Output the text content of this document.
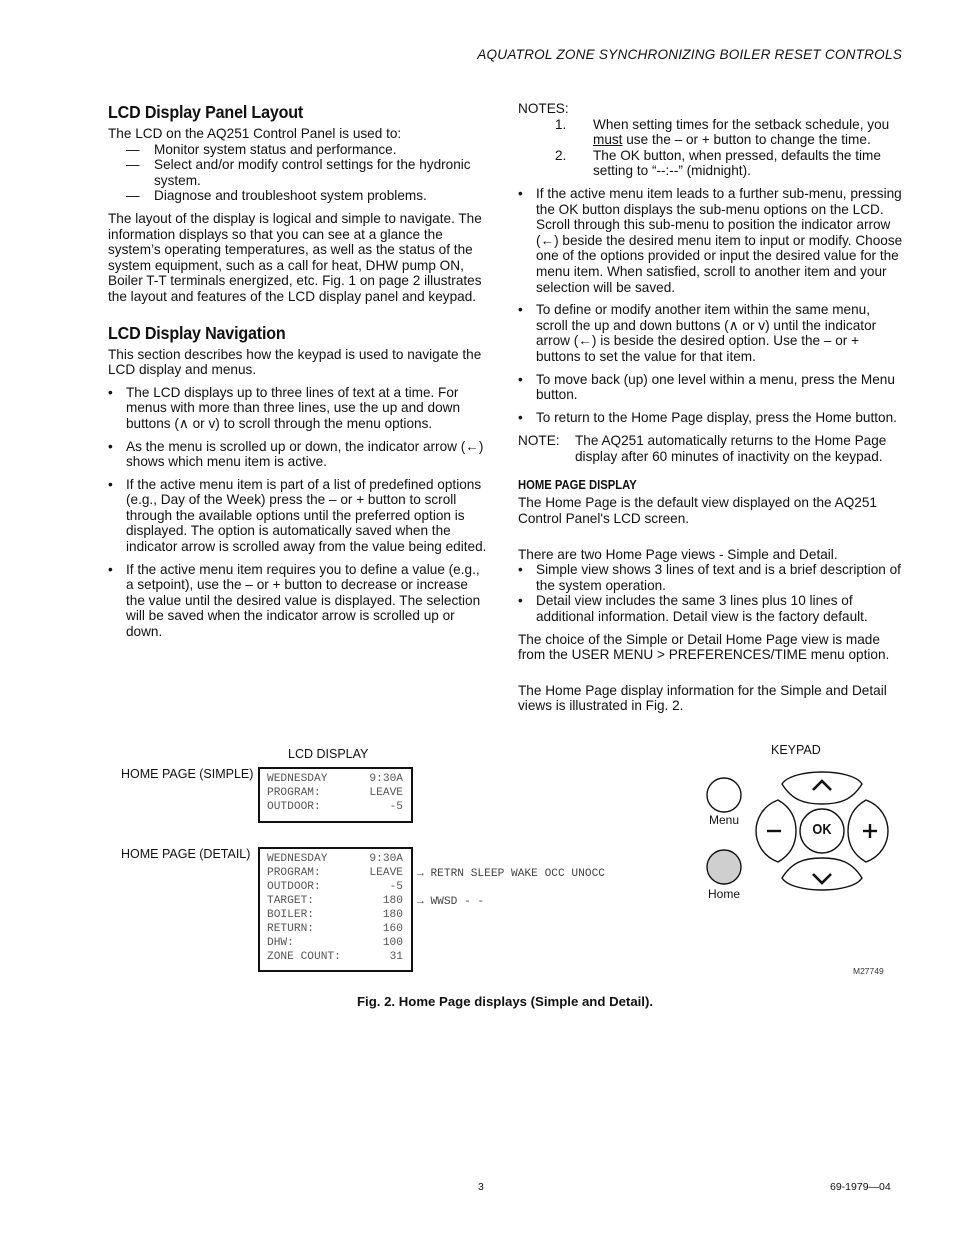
AQUATROL ZONE SYNCHRONIZING BOILER RESET CONTROLS
LCD Display Panel Layout

The LCD on the AQ251 Control Panel is used to:

— Monitor system status and performance.
— Select and/or modify control settings for the hydronic system.
— Diagnose and troubleshoot system problems.

The layout of the display is logical and simple to navigate. The information displays so that you can see at a glance the system’s operating temperatures, as well as the status of the system equipment, such as a call for heat, DHW pump ON, Boiler T-T terminals energized, etc. Fig. 1 on page 2 illustrates the layout and features of the LCD display panel and keypad.

LCD Display Navigation

This section describes how the keypad is used to navigate the LCD display and menus.

• The LCD displays up to three lines of text at a time. For menus with more than three lines, use the up and down buttons (∧ or v) to scroll through the menu options.
• As the menu is scrolled up or down, the indicator arrow (←) shows which menu item is active.
• If the active menu item is part of a list of predefined options (e.g., Day of the Week) press the – or + button to scroll through the available options until the preferred option is displayed. The option is automatically saved when the indicator arrow is scrolled away from the value being edited.
• If the active menu item requires you to define a value (e.g., a setpoint), use the – or + button to decrease or increase the value until the desired value is displayed. The selection will be saved when the indicator arrow is scrolled up or down.
NOTES:
1. When setting times for the setback schedule, you must use the – or + button to change the time.
2. The OK button, when pressed, defaults the time setting to “--:--” (midnight).
• If the active menu item leads to a further sub-menu, pressing the OK button displays the sub-menu options on the LCD. Scroll through this sub-menu to position the indicator arrow (←) beside the desired menu item to input or modify. Choose one of the options provided or input the desired value for the menu item. When satisfied, scroll to another item and your selection will be saved.
• To define or modify another item within the same menu, scroll the up and down buttons (∧ or v) until the indicator arrow (←) is beside the desired option. Use the – or + buttons to set the value for that item.
• To move back (up) one level within a menu, press the Menu button.
• To return to the Home Page display, press the Home button.
NOTE: The AQ251 automatically returns to the Home Page display after 60 minutes of inactivity on the keypad.
HOME PAGE DISPLAY

The Home Page is the default view displayed on the AQ251 Control Panel's LCD screen.

There are two Home Page views - Simple and Detail.

• Simple view shows 3 lines of text and is a brief description of the system operation.
• Detail view includes the same 3 lines plus 10 lines of additional information. Detail view is the factory default.

The choice of the Simple or Detail Home Page view is made from the USER MENU > PREFERENCES/TIME menu option.

The Home Page display information for the Simple and Detail views is illustrated in Fig. 2.

LCD DISPLAY	KEYPAD
HOME PAGE (SIMPLE)
HOME PAGE (DETAIL)
WEDNESDAY	9:30A
PROGRAM:	LEAVE
OUTDOOR:	-5
WEDNESDAY	9:30A
PROGRAM:	LEAVE
OUTDOOR:	-5
TARGET:	180
BOILER:	180
RETURN:	160
DHW:	100
ZONE COUNT:	31
→ RETRN SLEEP WAKE OCC UNOCC
→ WWSD - -
Menu
Home
OK
M27749
Fig. 2. Home Page displays (Simple and Detail).
3	69-1979—04
